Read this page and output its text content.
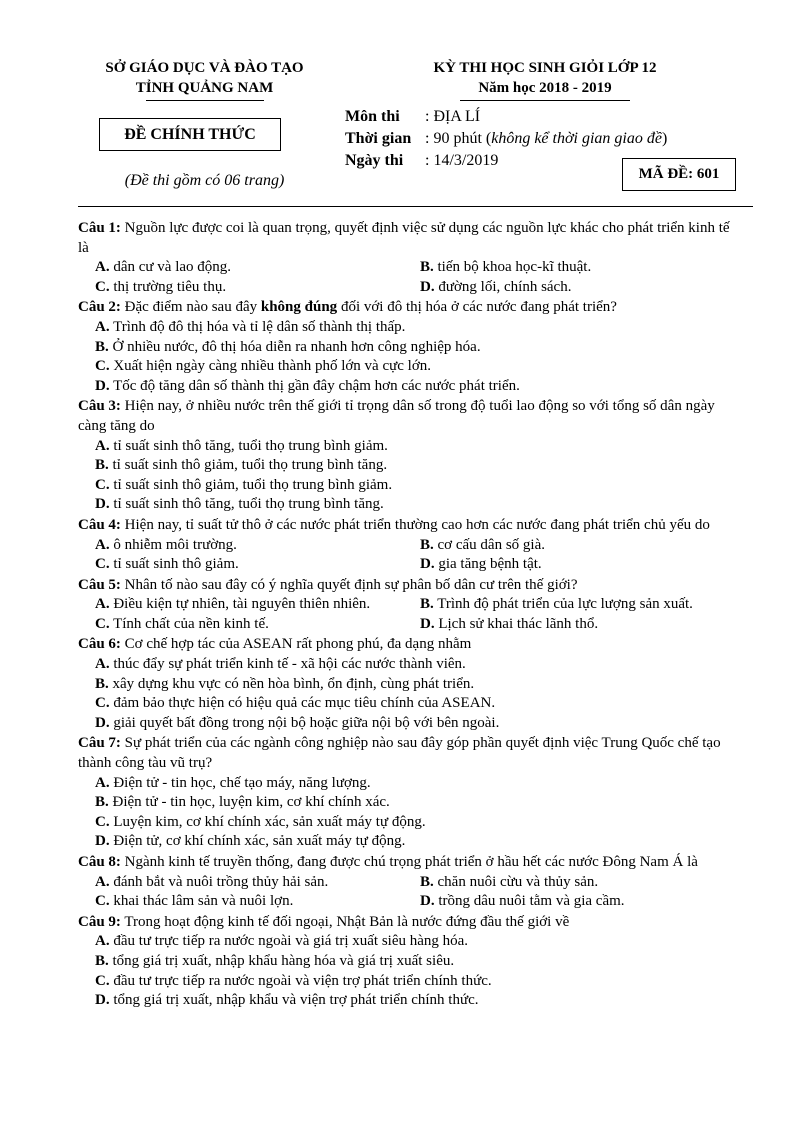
SỞ GIÁO DỤC VÀ ĐÀO TẠO
TỈNH QUẢNG NAM
KỲ THI HỌC SINH GIỎI LỚP 12
Năm học 2018 - 2019
ĐỀ CHÍNH THỨC
(Đề thi gồm có 06 trang)
Môn thi : ĐỊA LÍ
Thời gian : 90 phút (không kể thời gian giao đề)
Ngày thi : 14/3/2019
MÃ ĐỀ: 601

Câu 1: Nguồn lực được coi là quan trọng, quyết định việc sử dụng các nguồn lực khác cho phát triển kinh tế là

A. dân cư và lao động.	B. tiến bộ khoa học-kĩ thuật.
C. thị trường tiêu thụ.	D. đường lối, chính sách.

Câu 2: Đặc điểm nào sau đây không đúng đối với đô thị hóa ở các nước đang phát triển?

A. Trình độ đô thị hóa và tỉ lệ dân số thành thị thấp.
B. Ở nhiều nước, đô thị hóa diễn ra nhanh hơn công nghiệp hóa.
C. Xuất hiện ngày càng nhiều thành phố lớn và cực lớn.
D. Tốc độ tăng dân số thành thị gần đây chậm hơn các nước phát triển.

Câu 3: Hiện nay, ở nhiều nước trên thế giới tỉ trọng dân số trong độ tuổi lao động so với tổng số dân ngày càng tăng do

A. tỉ suất sinh thô tăng, tuổi thọ trung bình giảm.
B. tỉ suất sinh thô giảm, tuổi thọ trung bình tăng.
C. tỉ suất sinh thô giảm, tuổi thọ trung bình giảm.
D. tỉ suất sinh thô tăng, tuổi thọ trung bình tăng.

Câu 4: Hiện nay, tỉ suất tử thô ở các nước phát triển thường cao hơn các nước đang phát triển chủ yếu do

A. ô nhiễm môi trường.	B. cơ cấu dân số già.
C. tỉ suất sinh thô giảm.	D. gia tăng bệnh tật.

Câu 5: Nhân tố nào sau đây có ý nghĩa quyết định sự phân bố dân cư trên thế giới?

A. Điều kiện tự nhiên, tài nguyên thiên nhiên.	B. Trình độ phát triển của lực lượng sản xuất.
C. Tính chất của nền kinh tế.	D. Lịch sử khai thác lãnh thổ.

Câu 6: Cơ chế hợp tác của ASEAN rất phong phú, đa dạng nhằm

A. thúc đẩy sự phát triển kinh tế - xã hội các nước thành viên.
B. xây dựng khu vực có nền hòa bình, ổn định, cùng phát triển.
C. đảm bảo thực hiện có hiệu quả các mục tiêu chính của ASEAN.
D. giải quyết bất đồng trong nội bộ hoặc giữa nội bộ với bên ngoài.

Câu 7: Sự phát triển của các ngành công nghiệp nào sau đây góp phần quyết định việc Trung Quốc chế tạo thành công tàu vũ trụ?

A. Điện tử - tin học, chế tạo máy, năng lượng.
B. Điện tử - tin học, luyện kim, cơ khí chính xác.
C. Luyện kim, cơ khí chính xác, sản xuất máy tự động.
D. Điện tử, cơ khí chính xác, sản xuất máy tự động.

Câu 8: Ngành kinh tế truyền thống, đang được chú trọng phát triển ở hầu hết các nước Đông Nam Á là

A. đánh bắt và nuôi trồng thủy hải sản.	B. chăn nuôi cừu và thủy sản.
C. khai thác lâm sản và nuôi lợn.	D. trồng dâu nuôi tằm và gia cầm.

Câu 9: Trong hoạt động kinh tế đối ngoại, Nhật Bản là nước đứng đầu thế giới về

A. đầu tư trực tiếp ra nước ngoài và giá trị xuất siêu hàng hóa.
B. tổng giá trị xuất, nhập khẩu hàng hóa và giá trị xuất siêu.
C. đầu tư trực tiếp ra nước ngoài và viện trợ phát triển chính thức.
D. tổng giá trị xuất, nhập khẩu và viện trợ phát triển chính thức.
